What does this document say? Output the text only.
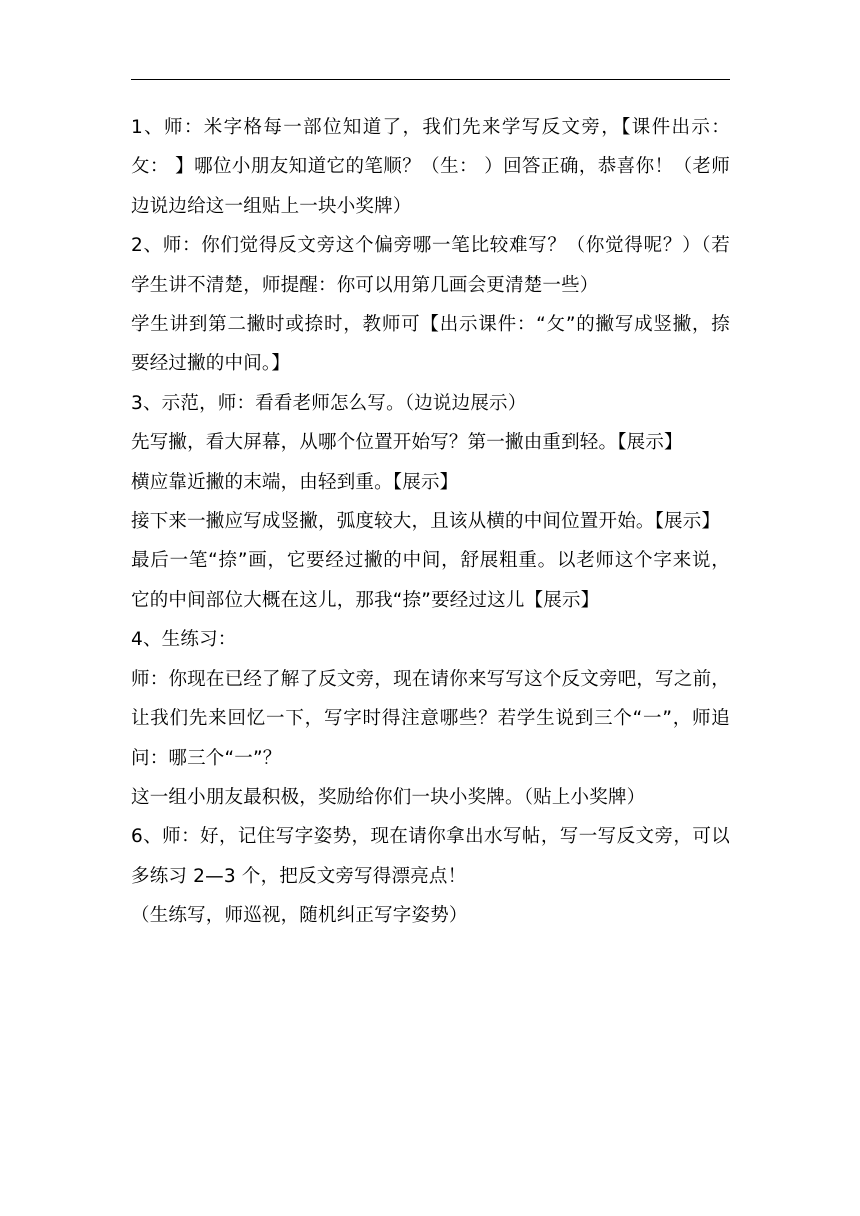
1、师：米字格每一部位知道了，我们先来学写反文旁，【课件出示：攵： 】哪位小朋友知道它的笔顺？（生： ）回答正确，恭喜你！（老师边说边给这一组贴上一块小奖牌）

2、师：你们觉得反文旁这个偏旁哪一笔比较难写？（你觉得呢？）（若学生讲不清楚，师提醒：你可以用第几画会更清楚一些）

学生讲到第二撇时或捺时，教师可【出示课件：“攵”的撇写成竖撇，捺要经过撇的中间。】

3、示范，师：看看老师怎么写。（边说边展示）

先写撇，看大屏幕，从哪个位置开始写？第一撇由重到轻。【展示】

横应靠近撇的末端，由轻到重。【展示】

接下来一撇应写成竖撇，弧度较大，且该从横的中间位置开始。【展示】

最后一笔“捺”画，它要经过撇的中间，舒展粗重。以老师这个字来说，它的中间部位大概在这儿，那我“捺”要经过这儿【展示】

4、生练习：

师：你现在已经了解了反文旁，现在请你来写写这个反文旁吧，写之前，让我们先来回忆一下，写字时得注意哪些？若学生说到三个“一”，师追问：哪三个“一”？

这一组小朋友最积极，奖励给你们一块小奖牌。（贴上小奖牌）

6、师：好，记住写字姿势，现在请你拿出水写帖，写一写反文旁，可以多练习 2—3 个，把反文旁写得漂亮点！

（生练写，师巡视，随机纠正写字姿势）
